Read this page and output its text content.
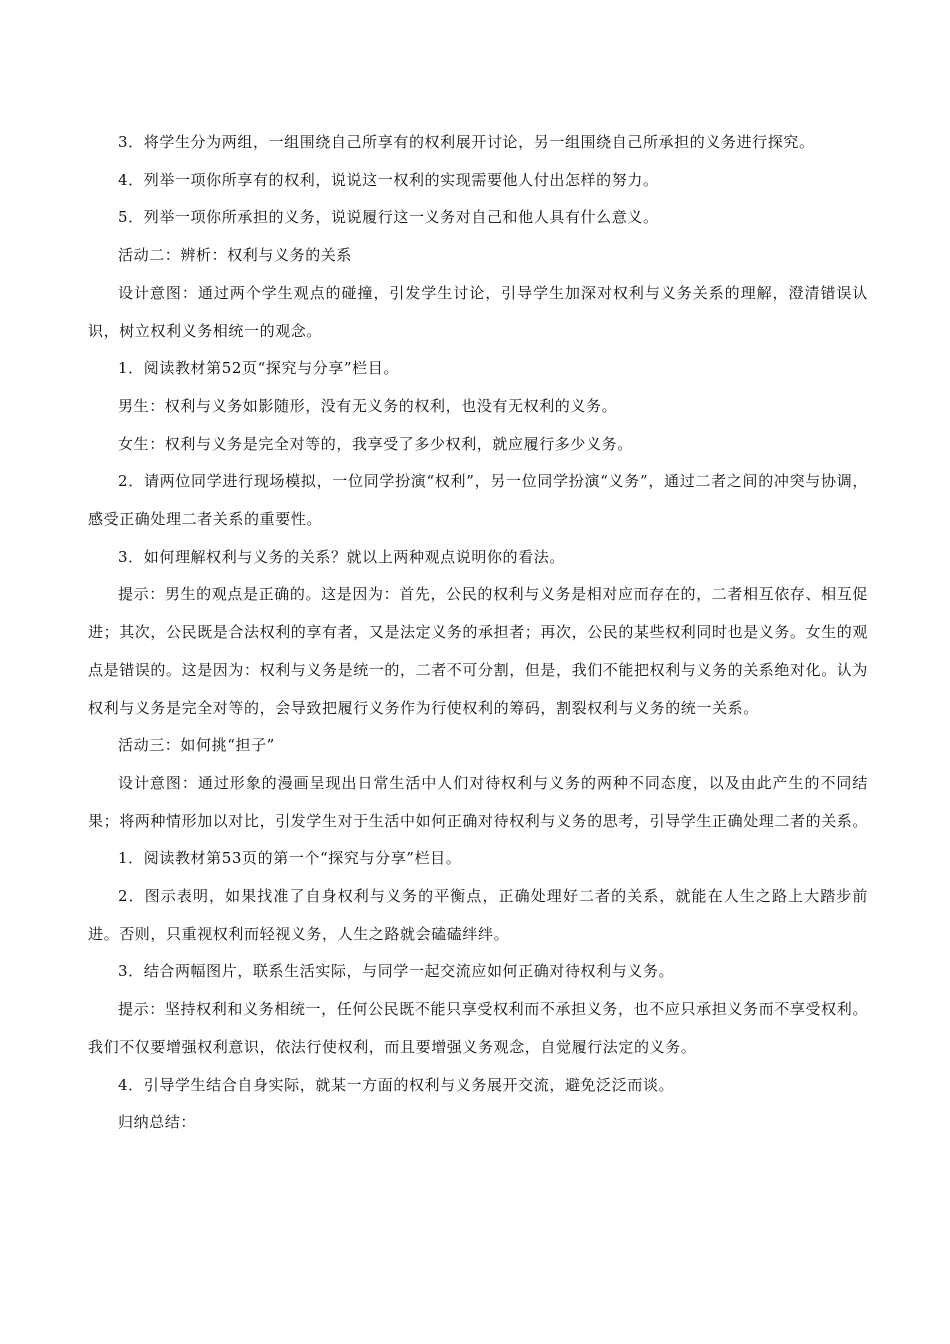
3．将学生分为两组，一组围绕自己所享有的权利展开讨论，另一组围绕自己所承担的义务进行探究。

4．列举一项你所享有的权利，说说这一权利的实现需要他人付出怎样的努力。

5．列举一项你所承担的义务，说说履行这一义务对自己和他人具有什么意义。

活动二：辨析：权利与义务的关系

设计意图：通过两个学生观点的碰撞，引发学生讨论，引导学生加深对权利与义务关系的理解，澄清错误认识，树立权利义务相统一的观念。

1．阅读教材第52页“探究与分享”栏目。

男生：权利与义务如影随形，没有无义务的权利，也没有无权利的义务。

女生：权利与义务是完全对等的，我享受了多少权利，就应履行多少义务。

2．请两位同学进行现场模拟，一位同学扮演“权利”，另一位同学扮演“义务”，通过二者之间的冲突与协调，感受正确处理二者关系的重要性。

3．如何理解权利与义务的关系？就以上两种观点说明你的看法。

提示：男生的观点是正确的。这是因为：首先，公民的权利与义务是相对应而存在的，二者相互依存、相互促进；其次，公民既是合法权利的享有者，又是法定义务的承担者；再次，公民的某些权利同时也是义务。女生的观点是错误的。这是因为：权利与义务是统一的，二者不可分割，但是，我们不能把权利与义务的关系绝对化。认为权利与义务是完全对等的，会导致把履行义务作为行使权利的筹码，割裂权利与义务的统一关系。

活动三：如何挑“担子”

设计意图：通过形象的漫画呈现出日常生活中人们对待权利与义务的两种不同态度，以及由此产生的不同结果；将两种情形加以对比，引发学生对于生活中如何正确对待权利与义务的思考，引导学生正确处理二者的关系。

1．阅读教材第53页的第一个“探究与分享”栏目。

2．图示表明，如果找准了自身权利与义务的平衡点，正确处理好二者的关系，就能在人生之路上大踏步前进。否则，只重视权利而轻视义务，人生之路就会磕磕绊绊。

3．结合两幅图片，联系生活实际，与同学一起交流应如何正确对待权利与义务。

提示：坚持权利和义务相统一，任何公民既不能只享受权利而不承担义务，也不应只承担义务而不享受权利。我们不仅要增强权利意识，依法行使权利，而且要增强义务观念，自觉履行法定的义务。

4．引导学生结合自身实际，就某一方面的权利与义务展开交流，避免泛泛而谈。

归纳总结：
